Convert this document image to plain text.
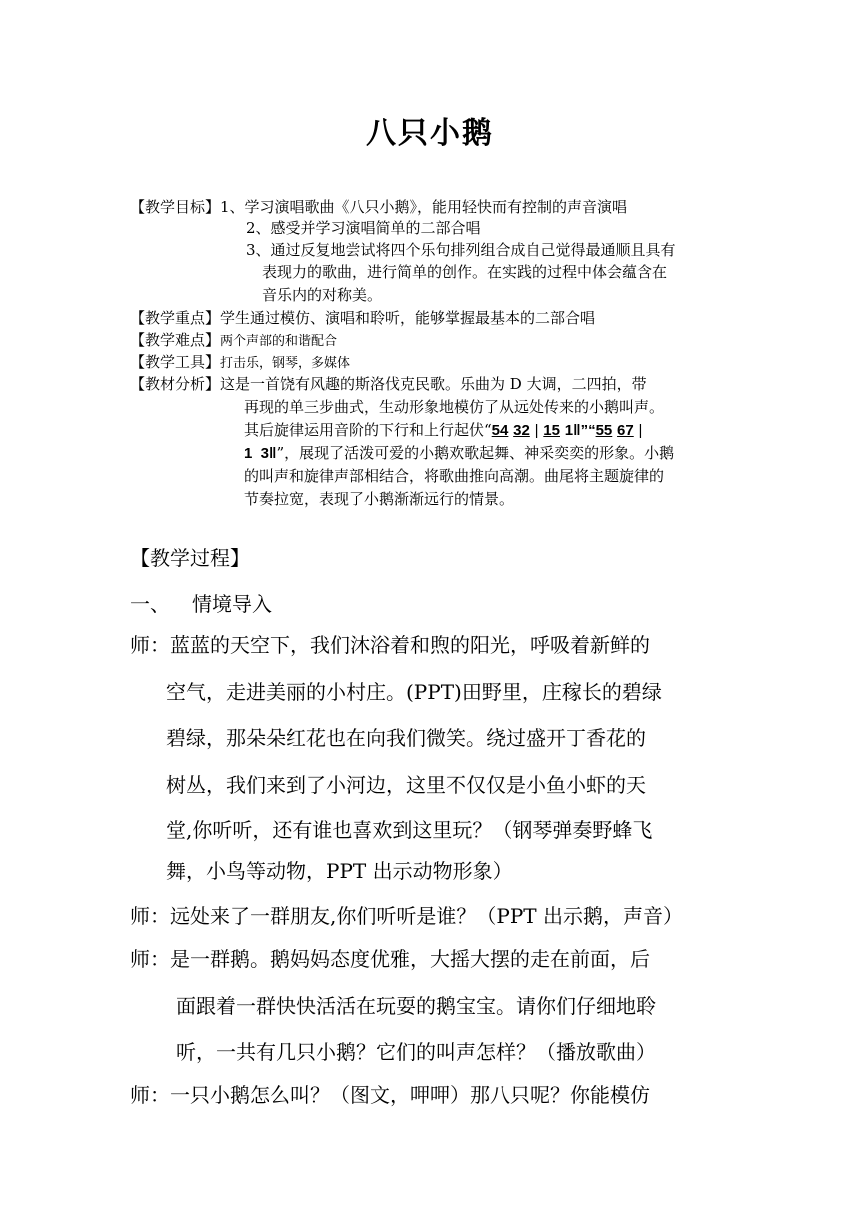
八只小鹅
【教学目标】1、学习演唱歌曲《八只小鹅》，能用轻快而有控制的声音演唱
2、感受并学习演唱简单的二部合唱
3、通过反复地尝试将四个乐句排列组合成自己觉得最通顺且具有
表现力的歌曲，进行简单的创作。在实践的过程中体会蕴含在
音乐内的对称美。
【教学重点】学生通过模仿、演唱和聆听，能够掌握最基本的二部合唱
【教学难点】两个声部的和谐配合
【教学工具】打击乐，钢琴，多媒体
【教材分析】这是一首饶有风趣的斯洛伐克民歌。乐曲为 D 大调，二四拍，带
再现的单三步曲式，生动形象地模仿了从远处传来的小鹅叫声。
其后旋律运用音阶的下行和上行起伏“54 32 | 15 1‖”“55 67 |
1  3‖”，展现了活泼可爱的小鹅欢歌起舞、神采奕奕的形象。小鹅
的叫声和旋律声部相结合，将歌曲推向高潮。曲尾将主题旋律的
节奏拉宽，表现了小鹅渐渐远行的情景。
【教学过程】
一、 情境导入
师：蓝蓝的天空下，我们沐浴着和煦的阳光，呼吸着新鲜的
空气，走进美丽的小村庄。(PPT)田野里，庄稼长的碧绿
碧绿，那朵朵红花也在向我们微笑。绕过盛开丁香花的
树丛，我们来到了小河边，这里不仅仅是小鱼小虾的天
堂,你听听，还有谁也喜欢到这里玩？（钢琴弹奏野蜂飞
舞，小鸟等动物，PPT 出示动物形象）
师：远处来了一群朋友,你们听听是谁？（PPT 出示鹅，声音）
师：是一群鹅。鹅妈妈态度优雅，大摇大摆的走在前面，后
面跟着一群快快活活在玩耍的鹅宝宝。请你们仔细地聆
听，一共有几只小鹅？它们的叫声怎样？（播放歌曲）
师：一只小鹅怎么叫？（图文，呷呷）那八只呢？你能模仿
